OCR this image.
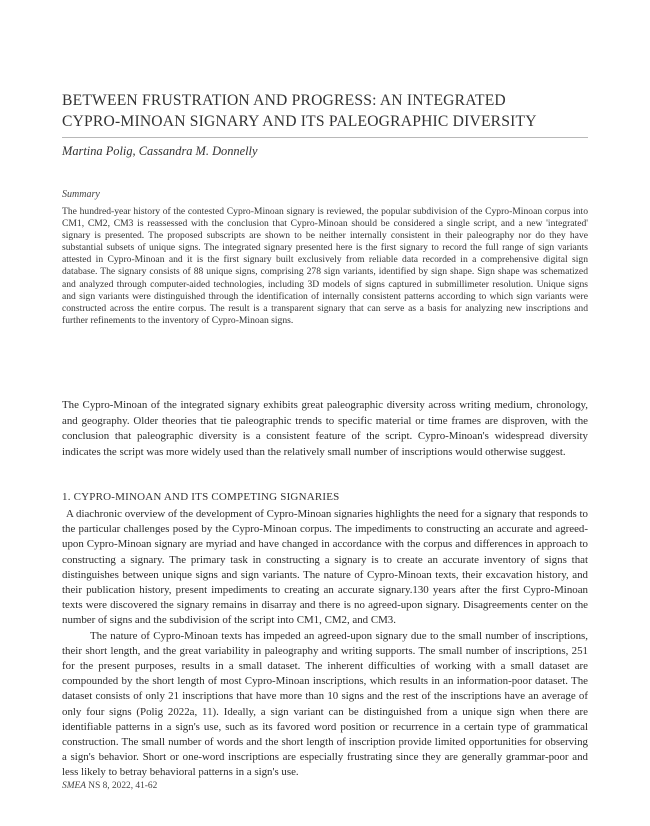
BETWEEN FRUSTRATION AND PROGRESS: AN INTEGRATED
CYPRO-MINOAN SIGNARY AND ITS PALEOGRAPHIC DIVERSITY
Martina Polig, Cassandra M. Donnelly
Summary

The hundred-year history of the contested Cypro-Minoan signary is reviewed, the popular subdivision of the Cypro-Minoan corpus into CM1, CM2, CM3 is reassessed with the conclusion that Cypro-Minoan should be considered a single script, and a new 'integrated' signary is presented. The proposed subscripts are shown to be neither internally consistent in their paleography nor do they have substantial subsets of unique signs. The integrated signary presented here is the first signary to record the full range of sign variants attested in Cypro-Minoan and it is the first signary built exclusively from reliable data recorded in a comprehensive digital sign database. The signary consists of 88 unique signs, comprising 278 sign variants, identified by sign shape. Sign shape was schematized and analyzed through computer-aided technologies, including 3D models of signs captured in submillimeter resolution. Unique signs and sign variants were distinguished through the identification of internally consistent patterns according to which sign variants were constructed across the entire corpus. The result is a transparent signary that can serve as a basis for analyzing new inscriptions and further refinements to the inventory of Cypro-Minoan signs.

The Cypro-Minoan of the integrated signary exhibits great paleographic diversity across writing medium, chronology, and geography. Older theories that tie paleographic trends to specific material or time frames are disproven, with the conclusion that paleographic diversity is a consistent feature of the script. Cypro-Minoan's widespread diversity indicates the script was more widely used than the relatively small number of inscriptions would otherwise suggest.

1. CYPRO-MINOAN AND ITS COMPETING SIGNARIES

A diachronic overview of the development of Cypro-Minoan signaries highlights the need for a signary that responds to the particular challenges posed by the Cypro-Minoan corpus. The impediments to constructing an accurate and agreed-upon Cypro-Minoan signary are myriad and have changed in accordance with the corpus and differences in approach to constructing a signary. The primary task in constructing a signary is to create an accurate inventory of signs that distinguishes between unique signs and sign variants. The nature of Cypro-Minoan texts, their excavation history, and their publication history, present impediments to creating an accurate signary.130 years after the first Cypro-Minoan texts were discovered the signary remains in disarray and there is no agreed-upon signary. Disagreements center on the number of signs and the subdivision of the script into CM1, CM2, and CM3.

The nature of Cypro-Minoan texts has impeded an agreed-upon signary due to the small number of inscriptions, their short length, and the great variability in paleography and writing supports. The small number of inscriptions, 251 for the present purposes, results in a small dataset. The inherent difficulties of working with a small dataset are compounded by the short length of most Cypro-Minoan inscriptions, which results in an information-poor dataset. The dataset consists of only 21 inscriptions that have more than 10 signs and the rest of the inscriptions have an average of only four signs (Polig 2022a, 11). Ideally, a sign variant can be distinguished from a unique sign when there are identifiable patterns in a sign's use, such as its favored word position or recurrence in a certain type of grammatical construction. The small number of words and the short length of inscription provide limited opportunities for observing a sign's behavior. Short or one-word inscriptions are especially frustrating since they are generally grammar-poor and less likely to betray behavioral patterns in a sign's use.

SMEA NS 8, 2022, 41-62
